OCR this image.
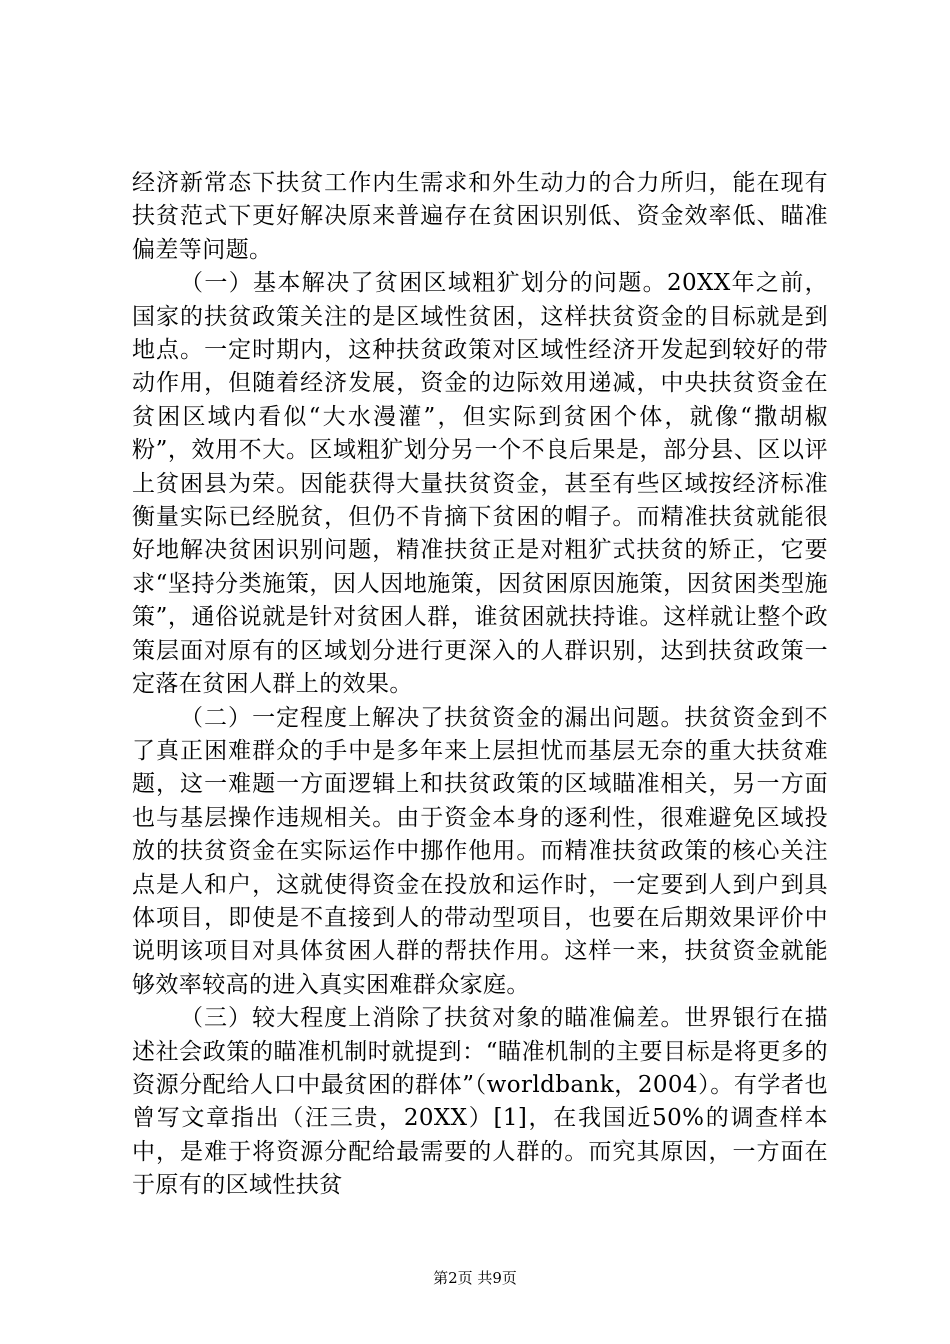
经济新常态下扶贫工作内生需求和外生动力的合力所归，能在现有扶贫范式下更好解决原来普遍存在贫困识别低、资金效率低、瞄准偏差等问题。

（一）基本解决了贫困区域粗犷划分的问题。20XX年之前，国家的扶贫政策关注的是区域性贫困，这样扶贫资金的目标就是到地点。一定时期内，这种扶贫政策对区域性经济开发起到较好的带动作用，但随着经济发展，资金的边际效用递减，中央扶贫资金在贫困区域内看似“大水漫灌”，但实际到贫困个体，就像“撒胡椒粉”，效用不大。区域粗犷划分另一个不良后果是，部分县、区以评上贫困县为荣。因能获得大量扶贫资金，甚至有些区域按经济标准衡量实际已经脱贫，但仍不肯摘下贫困的帽子。而精准扶贫就能很好地解决贫困识别问题，精准扶贫正是对粗犷式扶贫的矫正，它要求“坚持分类施策，因人因地施策，因贫困原因施策，因贫困类型施策”，通俗说就是针对贫困人群，谁贫困就扶持谁。这样就让整个政策层面对原有的区域划分进行更深入的人群识别，达到扶贫政策一定落在贫困人群上的效果。

（二）一定程度上解决了扶贫资金的漏出问题。扶贫资金到不了真正困难群众的手中是多年来上层担忧而基层无奈的重大扶贫难题，这一难题一方面逻辑上和扶贫政策的区域瞄准相关，另一方面也与基层操作违规相关。由于资金本身的逐利性，很难避免区域投放的扶贫资金在实际运作中挪作他用。而精准扶贫政策的核心关注点是人和户，这就使得资金在投放和运作时，一定要到人到户到具体项目，即使是不直接到人的带动型项目，也要在后期效果评价中说明该项目对具体贫困人群的帮扶作用。这样一来，扶贫资金就能够效率较高的进入真实困难群众家庭。

（三）较大程度上消除了扶贫对象的瞄准偏差。世界银行在描述社会政策的瞄准机制时就提到：“瞄准机制的主要目标是将更多的资源分配给人口中最贫困的群体”（worldbank，2004）。有学者也曾写文章指出（汪三贵，20XX）[1]，在我国近50%的调查样本中，是难于将资源分配给最需要的人群的。而究其原因，一方面在于原有的区域性扶贫

第2页 共9页
